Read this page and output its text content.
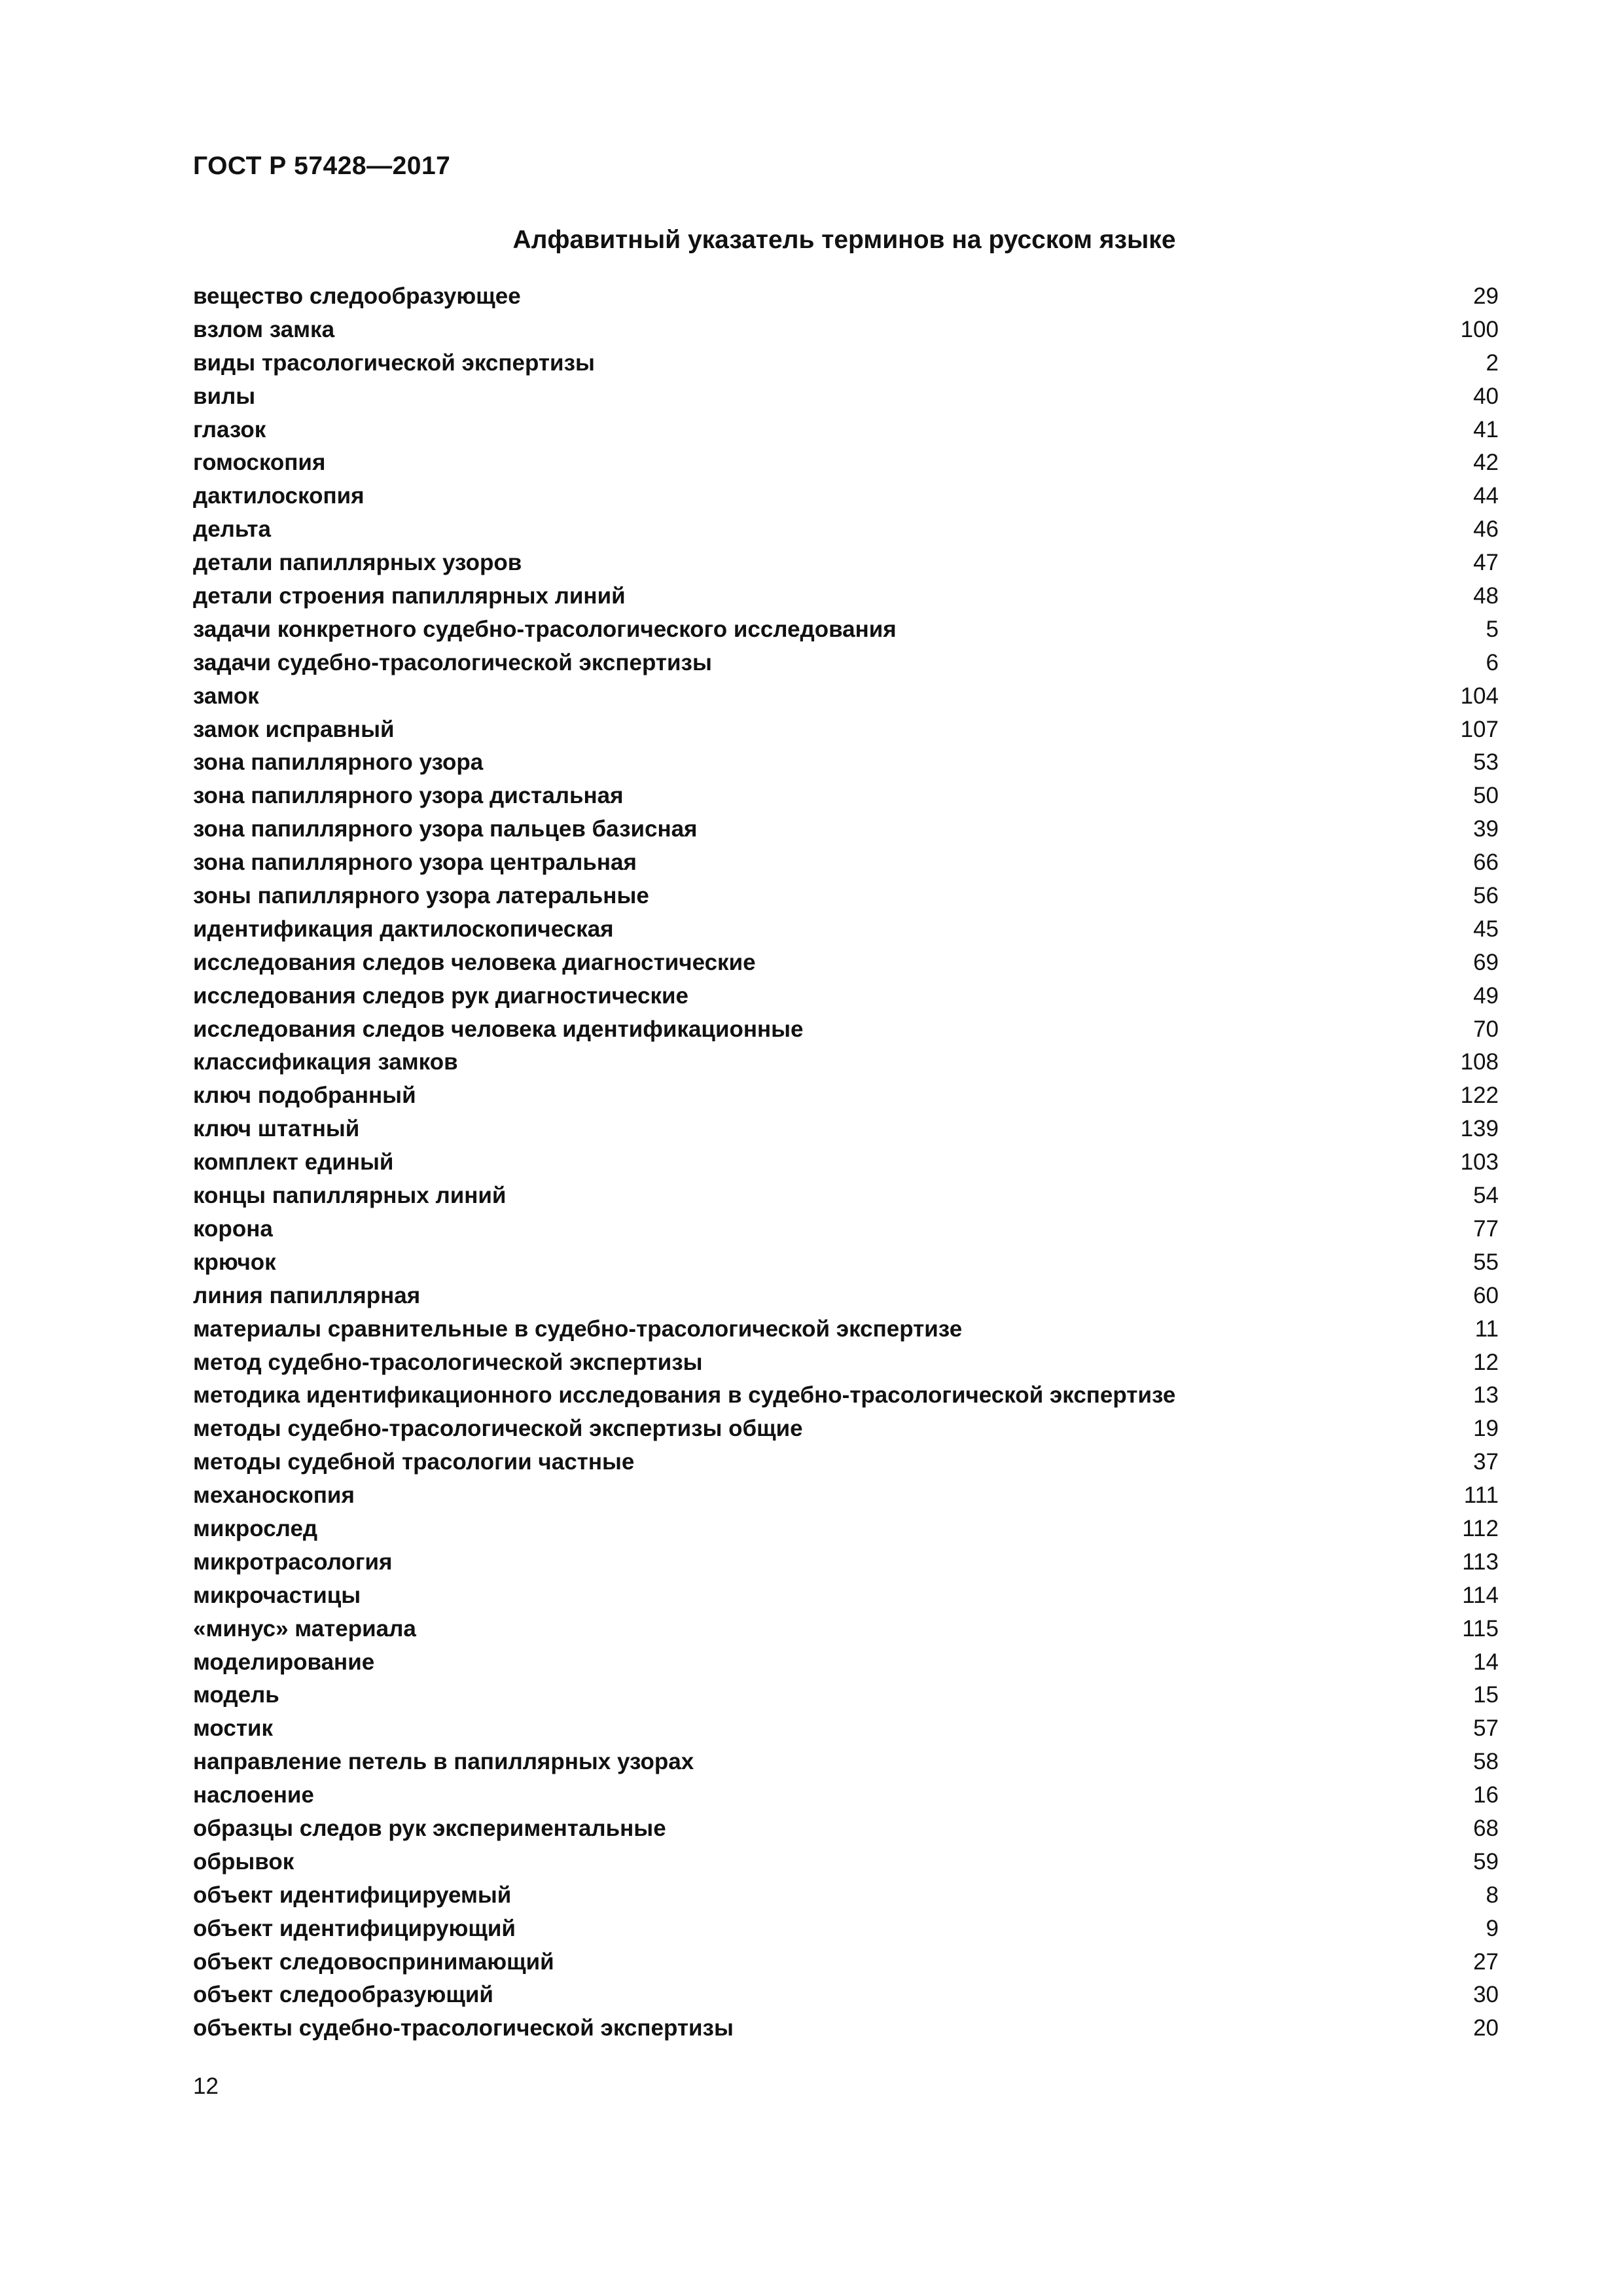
ГОСТ Р 57428—2017
Алфавитный указатель терминов на русском языке
вещество следообразующее	29
взлом замка	100
виды трасологической экспертизы	2
вилы	40
глазок	41
гомоскопия	42
дактилоскопия	44
дельта	46
детали папиллярных узоров	47
детали строения папиллярных линий	48
задачи конкретного судебно-трасологического исследования	5
задачи судебно-трасологической экспертизы	6
замок	104
замок исправный	107
зона папиллярного узора	53
зона папиллярного узора дистальная	50
зона папиллярного узора пальцев базисная	39
зона папиллярного узора центральная	66
зоны папиллярного узора латеральные	56
идентификация дактилоскопическая	45
исследования следов человека диагностические	69
исследования следов рук диагностические	49
исследования следов человека идентификационные	70
классификация замков	108
ключ подобранный	122
ключ штатный	139
комплект единый	103
концы папиллярных линий	54
корона	77
крючок	55
линия папиллярная	60
материалы сравнительные в судебно-трасологической экспертизе	11
метод судебно-трасологической экспертизы	12
методика идентификационного исследования в судебно-трасологической экспертизе	13
методы судебно-трасологической экспертизы общие	19
методы судебной трасологии частные	37
механоскопия	111
микрослед	112
микротрасология	113
микрочастицы	114
«минус» материала	115
моделирование	14
модель	15
мостик	57
направление петель в папиллярных узорах	58
наслоение	16
образцы следов рук экспериментальные	68
обрывок	59
объект идентифицируемый	8
объект идентифицирующий	9
объект следовоспринимающий	27
объект следообразующий	30
объекты судебно-трасологической экспертизы	20
12
